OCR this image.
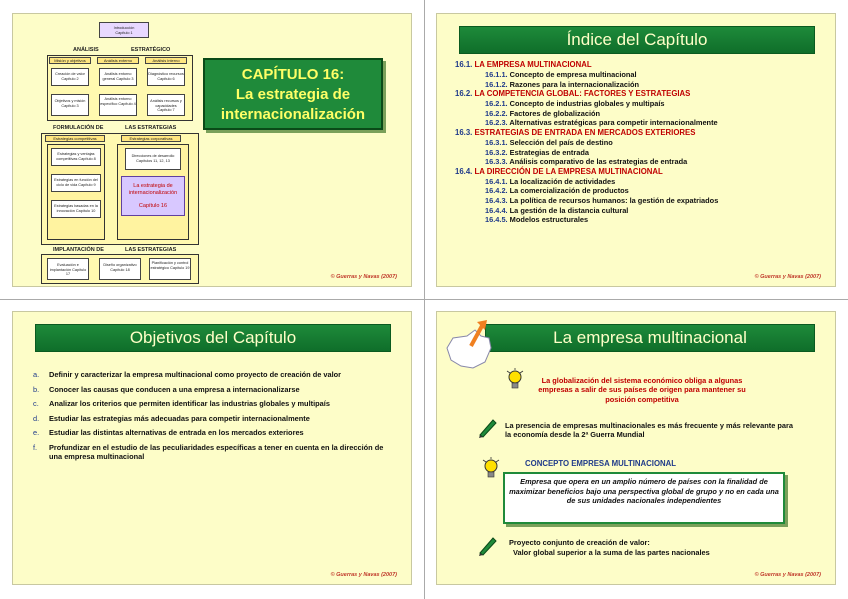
Introducción
Capítulo 1
ANÁLISIS	ESTRATÉGICO
Misión y objetivos	Análisis externo	Análisis interno
Creación de valor Capítulo 2
Análisis entorno general Capítulo 3
Diagnóstico recursos Capítulo 6
Objetivos y misión Capítulo 3
Análisis entorno específico Capítulo 4
Análisis recursos y capacidades Capítulo 7
FORMULACIÓN DE	LAS ESTRATEGIAS
Estrategias competitivas	Estrategias corporativas
Estrategias y ventajas competitivas Capítulo 8
Estrategias en función del ciclo de vida Capítulo 9
Estrategias basadas en la innovación Capítulo 10
Direcciones de desarrollo Capítulos 11, 12, 13
La estrategia de internacionalización
Capítulo 16
IMPLANTACIÓN DE	LAS ESTRATEGIAS
Evaluación e implantación Capítulo 17
Diseño organizativo Capítulo 18
Planificación y control estratégico Capítulo 19
CAPÍTULO 16:
La estrategia de
internacionalización
© Guerras y Navas (2007)
Índice del Capítulo
16.1. LA EMPRESA MULTINACIONAL
16.1.1. Concepto de empresa multinacional
16.1.2. Razones para la internacionalización
16.2. LA COMPETENCIA GLOBAL: FACTORES Y ESTRATEGIAS
16.2.1. Concepto de industrias globales y multipaís
16.2.2. Factores de globalización
16.2.3. Alternativas estratégicas para competir internacionalmente
16.3. ESTRATEGIAS DE ENTRADA EN MERCADOS EXTERIORES
16.3.1. Selección del país de destino
16.3.2. Estrategias de entrada
16.3.3. Análisis comparativo de las estrategias de entrada
16.4. LA DIRECCIÓN DE LA EMPRESA MULTINACIONAL
16.4.1. La localización de actividades
16.4.2. La comercialización de productos
16.4.3. La política de recursos humanos: la gestión de expatriados
16.4.4. La gestión de la distancia cultural
16.4.5. Modelos estructurales
© Guerras y Navas (2007)
Objetivos del Capítulo
a.	Definir y caracterizar la empresa multinacional como proyecto de creación de valor
b.	Conocer las causas que conducen a una empresa a internacionalizarse
c.	Analizar los criterios que permiten identificar las industrias globales y multipaís
d.	Estudiar las estrategias más adecuadas para competir internacionalmente
e.	Estudiar las distintas alternativas de entrada en los mercados exteriores
f.	Profundizar en el estudio de las peculiaridades específicas a tener en cuenta en la dirección de una empresa multinacional
© Guerras y Navas (2007)
La empresa multinacional
La globalización del sistema económico obliga a algunas empresas a salir de sus países de origen para mantener su posición competitiva
La presencia de empresas multinacionales es más frecuente y más relevante para la economía desde la 2ª Guerra Mundial
CONCEPTO EMPRESA MULTINACIONAL
Empresa que opera en un amplio número de países con la finalidad de maximizar beneficios bajo una perspectiva global de grupo y no en cada una de sus unidades nacionales independientes
Proyecto conjunto de creación de valor:
Valor global superior a la suma de las partes nacionales
© Guerras y Navas (2007)
